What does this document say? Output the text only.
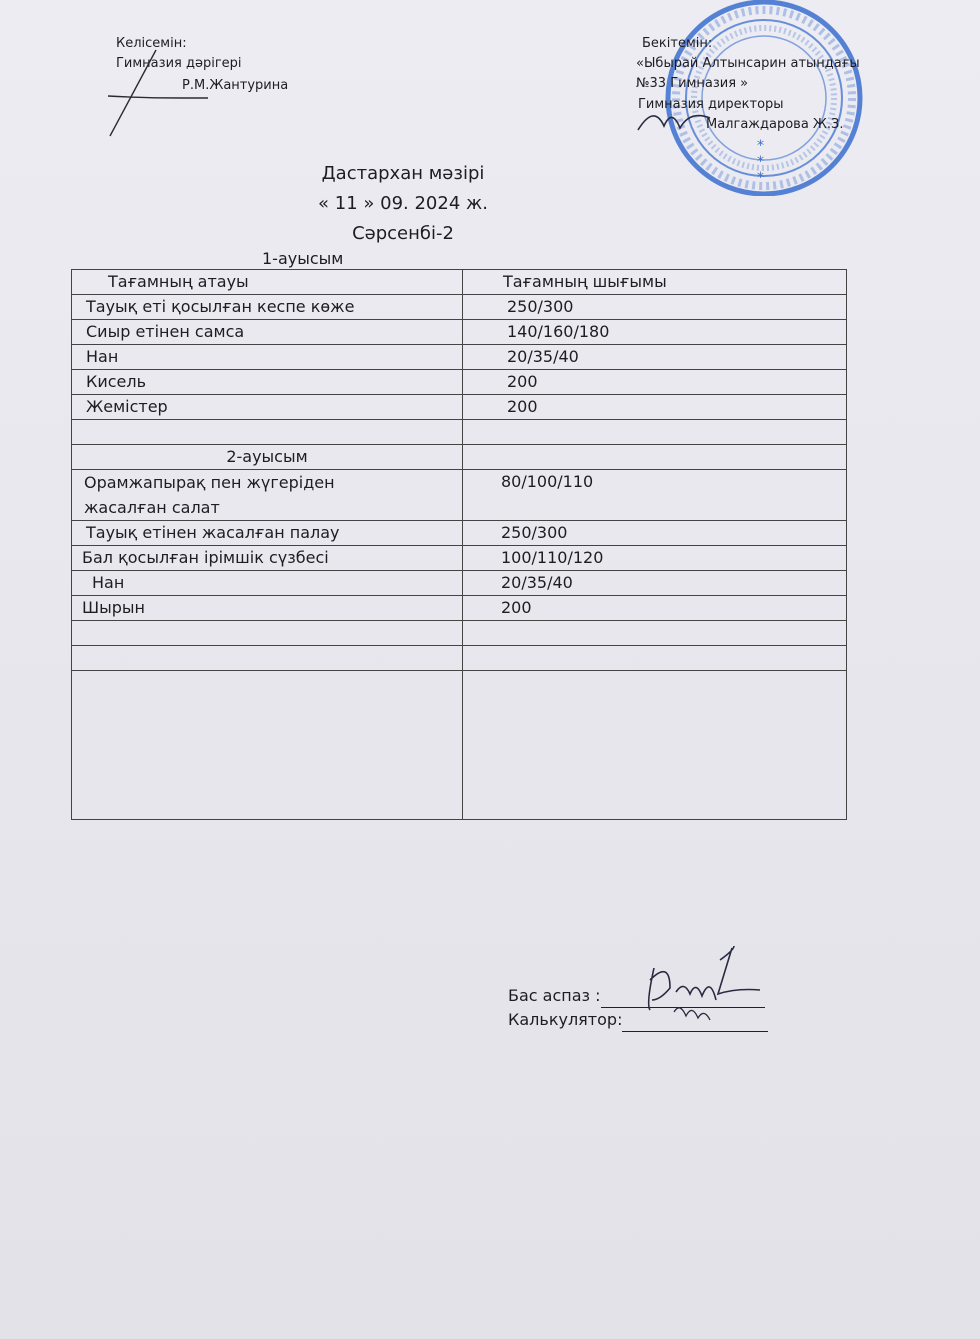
Келісемін:
Гимназия дәрігері
Р.М.Жантурина
*
*
*
Бекітемін:
«Ыбырай Алтынсарин атындағы
№33 Гимназия »
Гимназия директоры
Малгаждарова Ж.З.
Дастархан мәзірі
« 11 » 09. 2024 ж.
Сәрсенбі-2
1-ауысым
Тағамның атауы	Тағамның шығымы
Тауық еті қосылған кеспе көже	250/300
Сиыр етінен самса	140/160/180
Нан	20/35/40
Кисель	200
Жемістер	200

2-ауысым	

Орамжапырақ пен жүгеріден
жасалған салат	80/100/110
Тауық етінен жасалған палау	250/300
Бал қосылған ірімшік сүзбесі	100/110/120
Нан	20/35/40
Шырын	200

Бас аспаз :
Калькулятор:
